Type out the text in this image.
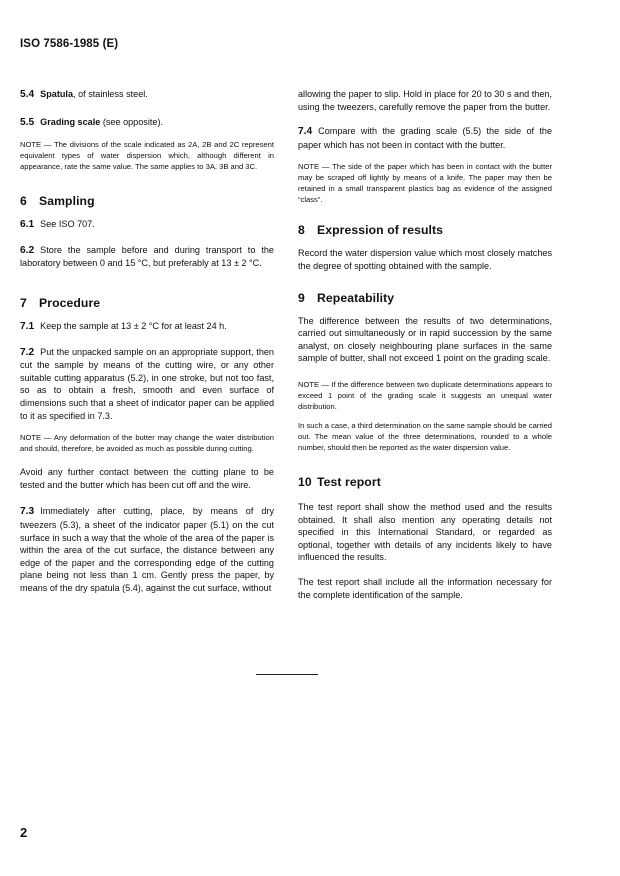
ISO 7586-1985 (E)

5.4 Spatula, of stainless steel.

5.5 Grading scale (see opposite).

NOTE — The divisions of the scale indicated as 2A, 2B and 2C represent equivalent types of water dispersion which, although different in appearance, rate the same value. The same applies to 3A, 3B and 3C.

6 Sampling

6.1 See ISO 707.

6.2 Store the sample before and during transport to the laboratory between 0 and 15 °C, but preferably at 13 ± 2 °C.

7 Procedure

7.1 Keep the sample at 13 ± 2 °C for at least 24 h.

7.2 Put the unpacked sample on an appropriate support, then cut the sample by means of the cutting wire, or any other suitable cutting apparatus (5.2), in one stroke, but not too fast, so as to obtain a fresh, smooth and even surface of dimensions such that a sheet of indicator paper can be applied to it as specified in 7.3.

NOTE — Any deformation of the butter may change the water distribution and should, therefore, be avoided as much as possible during cutting.

Avoid any further contact between the cutting plane to be tested and the butter which has been cut off and the wire.

7.3 Immediately after cutting, place, by means of dry tweezers (5.3), a sheet of the indicator paper (5.1) on the cut surface in such a way that the whole of the area of the paper is within the area of the cut surface, the distance between any edge of the paper and the corresponding edge of the cutting plane being not less than 1 cm. Gently press the paper, by means of the dry spatula (5.4), against the cut surface, without

allowing the paper to slip. Hold in place for 20 to 30 s and then, using the tweezers, carefully remove the paper from the butter.

7.4 Compare with the grading scale (5.5) the side of the paper which has not been in contact with the butter.

NOTE — The side of the paper which has been in contact with the butter may be scraped off lightly by means of a knife. The paper may then be retained in a small transparent plastics bag as evidence of the assigned “class”.

8 Expression of results

Record the water dispersion value which most closely matches the degree of spotting obtained with the sample.

9 Repeatability

The difference between the results of two determinations, carried out simultaneously or in rapid succession by the same analyst, on closely neighbouring plane surfaces in the same sample of butter, shall not exceed 1 point on the grading scale.

NOTE — If the difference between two duplicate determinations appears to exceed 1 point of the grading scale it suggests an unequal water distribution.

In such a case, a third determination on the same sample should be carried out. The mean value of the three determinations, rounded to a whole number, should then be reported as the water dispersion value.

10 Test report

The test report shall show the method used and the results obtained. It shall also mention any operating details not specified in this International Standard, or regarded as optional, together with details of any incidents likely to have influenced the results.

The test report shall include all the information necessary for the complete identification of the sample.

2
